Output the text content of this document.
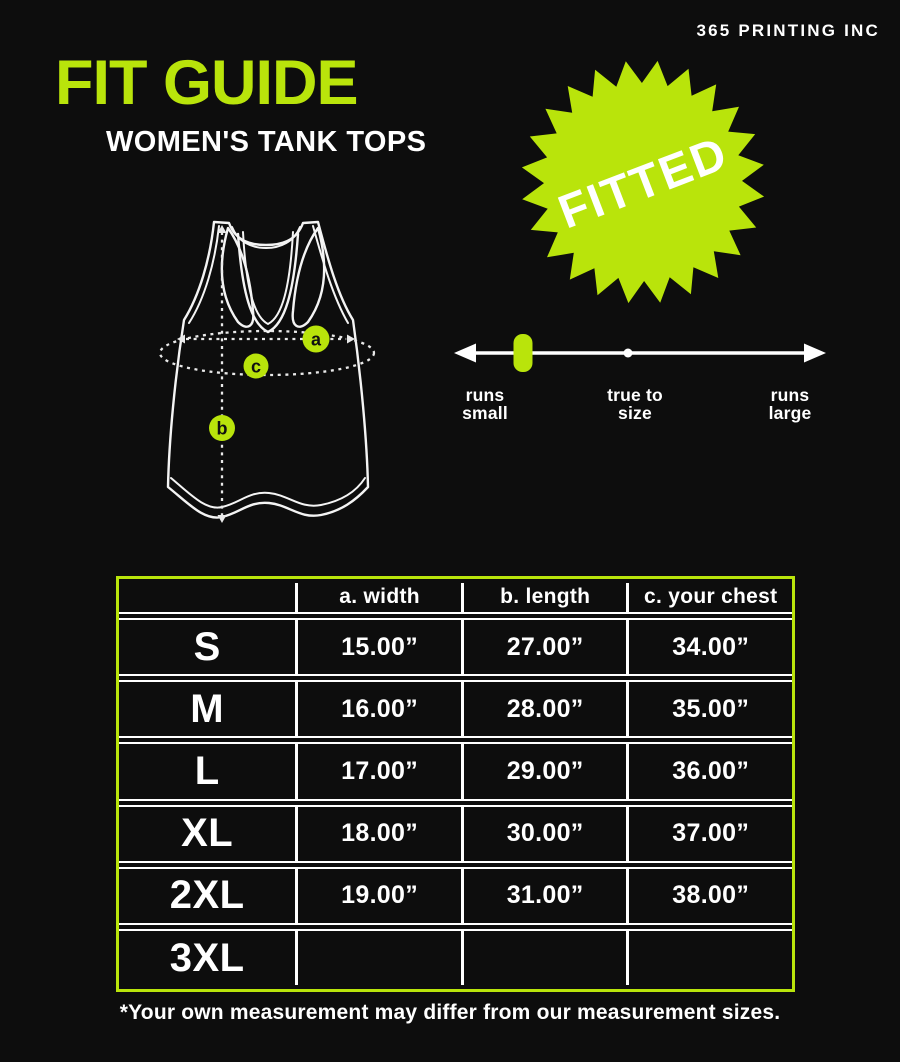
365 PRINTING INC
FIT GUIDE
WOMEN'S TANK TOPS	FITTED
a
b
c
runs small
true to size
runs large
	a. width	b. length	c. your chest
S	15.00”	27.00”	34.00”
M	16.00”	28.00”	35.00”
L	17.00”	29.00”	36.00”
XL	18.00”	30.00”	37.00”
2XL	19.00”	31.00”	38.00”
3XL			
*Your own measurement may differ from our measurement sizes.
